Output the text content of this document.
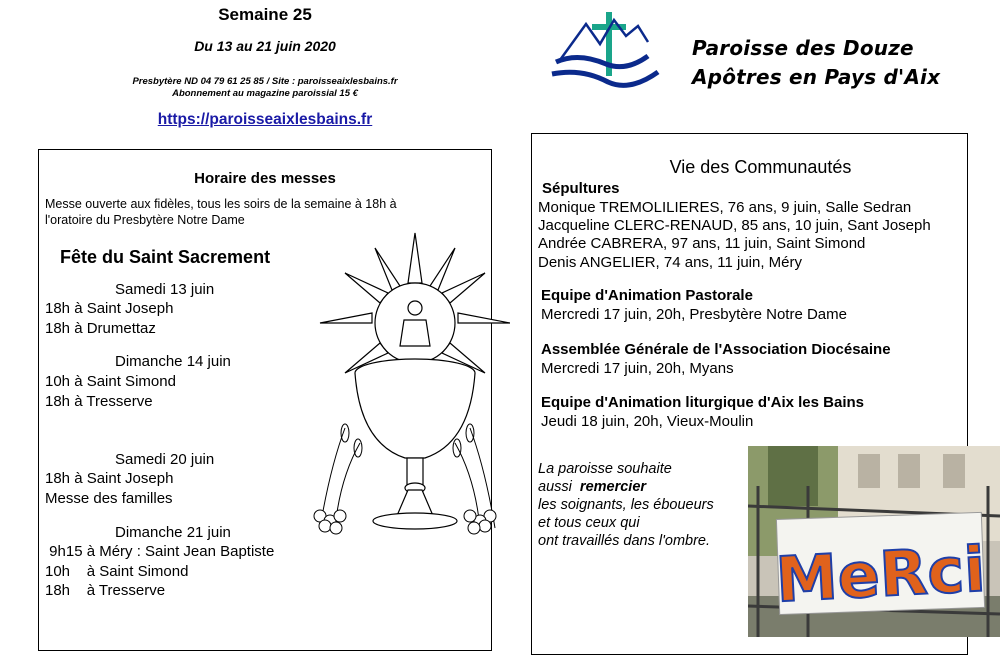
Semaine 25
Du 13 au 21 juin 2020
Presbytère ND 04 79 61 25 85 / Site : paroisseaixlesbains.fr
Abonnement au magazine paroissial 15 €
https://paroisseaixlesbains.fr
Paroisse des Douze
Apôtres en Pays d'Aix
Horaire des messes
Messe ouverte aux fidèles, tous les soirs de la semaine à 18h à
l'oratoire du Presbytère Notre Dame
Fête du Saint Sacrement
Samedi 13 juin
18h à Saint Joseph
18h à Drumettaz
Dimanche 14 juin
10h à Saint Simond
18h à Tresserve
Samedi 20 juin
18h à Saint Joseph
Messe des familles
Dimanche 21 juin
9h15 à Méry : Saint Jean Baptiste
10h    à Saint Simond
18h    à Tresserve
Vie des Communautés
Sépultures
Monique TREMOLILIERES, 76 ans, 9 juin, Salle Sedran
Jacqueline CLERC-RENAUD, 85 ans, 10 juin, Sant Joseph
Andrée CABRERA, 97 ans, 11 juin, Saint Simond
Denis ANGELIER, 74 ans, 11 juin, Méry
Equipe d'Animation Pastorale
Mercredi 17 juin, 20h, Presbytère Notre Dame
Assemblée Générale de l'Association Diocésaine
Mercredi 17 juin, 20h, Myans
Equipe d'Animation liturgique d'Aix les Bains
Jeudi 18 juin, 20h, Vieux-Moulin
La paroisse souhaite
aussi  remercier
les soignants, les éboueurs
et tous ceux qui
ont travaillés dans l'ombre. MeRci
